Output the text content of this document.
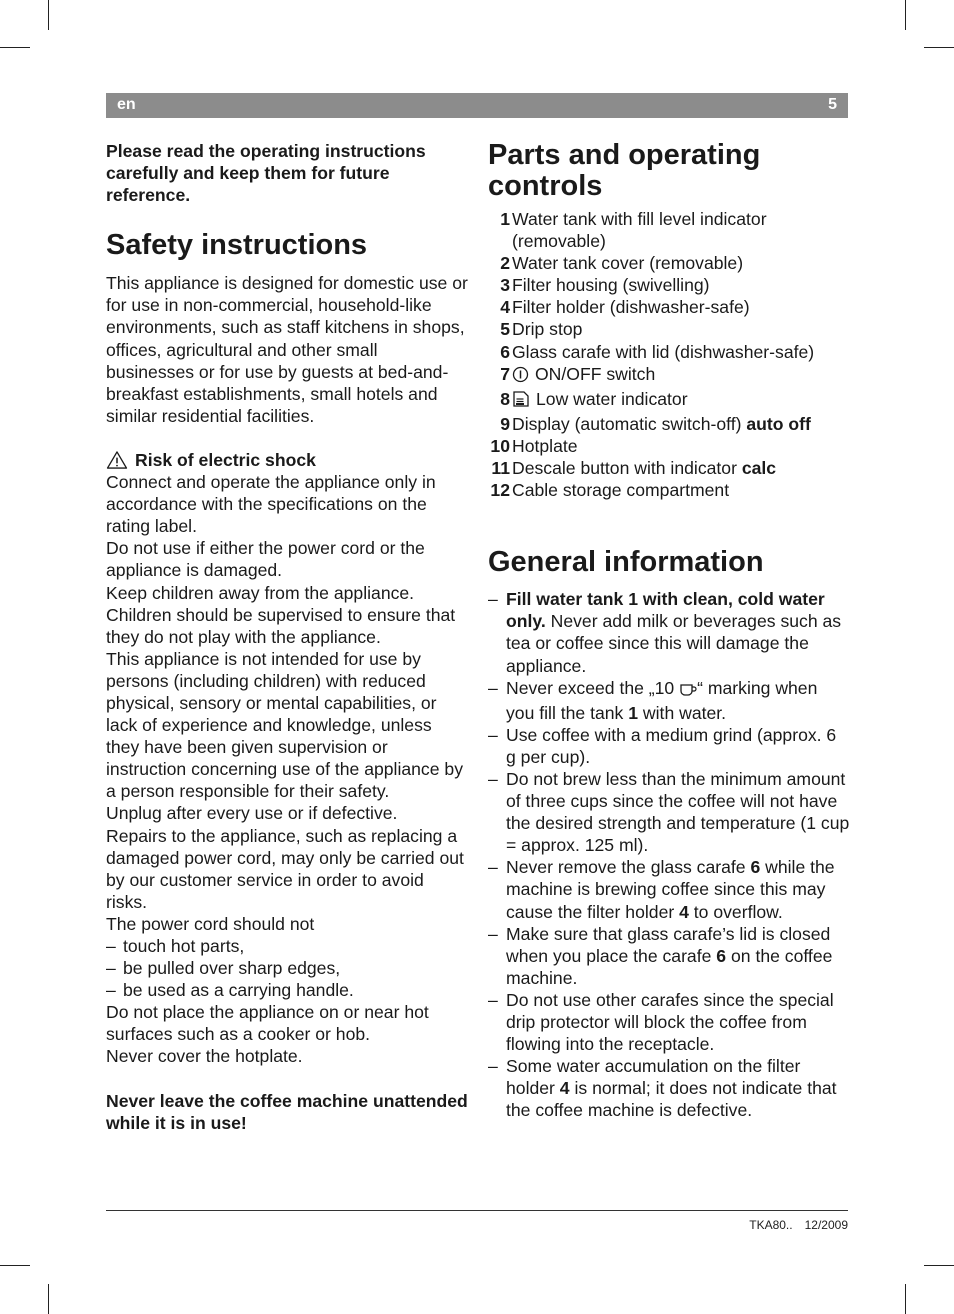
en	5

Please read the operating instructions carefully and keep them for future reference.

Safety instructions

This appliance is designed for domestic use or for use in non-commercial, household-like environments, such as staff kitchens in shops, offices, agricultural and other small businesses or for use by guests at bed-and-breakfast establishments, small hotels and similar residential facilities.

Risk of electric shock

Connect and operate the appliance only in accordance with the specifications on the rating label.

Do not use if either the power cord or the appliance is damaged.

Keep children away from the appliance.

Children should be supervised to ensure that they do not play with the appliance.

This appliance is not intended for use by persons (including children) with reduced physical, sensory or mental capabilities, or lack of experience and knowledge, unless they have been given supervision or instruction concerning use of the appliance by a person responsible for their safety.

Unplug after every use or if defective.

Repairs to the appliance, such as replacing a damaged power cord, may only be carried out by our customer service in order to avoid risks.

The power cord should not

– touch hot parts,
– be pulled over sharp edges,
– be used as a carrying handle.

Do not place the appliance on or near hot surfaces such as a cooker or hob.

Never cover the hotplate.

Never leave the coffee machine unattended while it is in use!

Parts and operating controls
1 Water tank with fill level indicator (removable)
2 Water tank cover (removable)
3 Filter housing (swivelling)
4 Filter holder (dishwasher-safe)
5 Drip stop
6 Glass carafe with lid (dishwasher-safe)
7	ON/OFF switch
8	Low water indicator
9 Display (automatic switch-off) auto off
10 Hotplate
11 Descale button with indicator calc
12 Cable storage compartment
General information
– Fill water tank 1 with clean, cold water only. Never add milk or beverages such as tea or coffee since this will damage the appliance.
– Never exceed the „10 “ marking when you fill the tank 1 with water.
– Use coffee with a medium grind (approx. 6 g per cup).
– Do not brew less than the minimum amount of three cups since the coffee will not have the desired strength and temperature (1 cup = approx. 125 ml).
– Never remove the glass carafe 6 while the machine is brewing coffee since this may cause the filter holder 4 to overflow.
– Make sure that glass carafe’s lid is closed when you place the carafe 6 on the coffee machine.
– Do not use other carafes since the special drip protector will block the coffee from flowing into the receptacle.
– Some water accumulation on the filter holder 4 is normal; it does not indicate that the coffee machine is defective.
TKA80.. 12/2009
